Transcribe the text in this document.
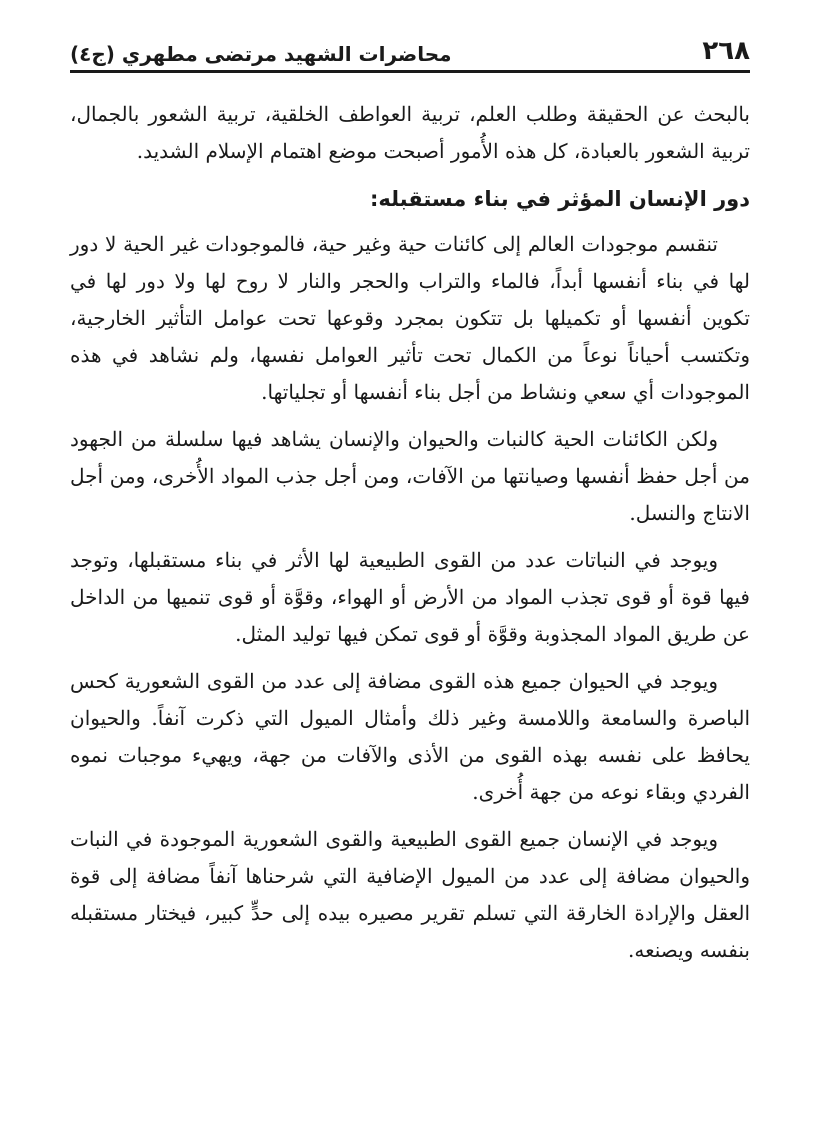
٢٦٨
محاضرات الشهيد مرتضى مطهري (ج٤)

بالبحث عن الحقيقة وطلب العلم، تربية العواطف الخلقية، تربية الشعور بالجمال، تربية الشعور بالعبادة، كل هذه الأُمور أصبحت موضع اهتمام الإسلام الشديد.

دور الإنسان المؤثر في بناء مستقبله:

تنقسم موجودات العالم إلى كائنات حية وغير حية، فالموجودات غير الحية لا دور لها في بناء أنفسها أبداً، فالماء والتراب والحجر والنار لا روح لها ولا دور لها في تكوين أنفسها أو تكميلها بل تتكون بمجرد وقوعها تحت عوامل التأثير الخارجية، وتكتسب أحياناً نوعاً من الكمال تحت تأثير العوامل نفسها، ولم نشاهد في هذه الموجودات أي سعي ونشاط من أجل بناء أنفسها أو تجلياتها.

ولكن الكائنات الحية كالنبات والحيوان والإنسان يشاهد فيها سلسلة من الجهود من أجل حفظ أنفسها وصيانتها من الآفات، ومن أجل جذب المواد الأُخرى، ومن أجل الانتاج والنسل.

ويوجد في النباتات عدد من القوى الطبيعية لها الأثر في بناء مستقبلها، وتوجد فيها قوة أو قوى تجذب المواد من الأرض أو الهواء، وقوَّة أو قوى تنميها من الداخل عن طريق المواد المجذوبة وقوَّة أو قوى تمكن فيها توليد المثل.

ويوجد في الحيوان جميع هذه القوى مضافة إلى عدد من القوى الشعورية كحس الباصرة والسامعة واللامسة وغير ذلك وأمثال الميول التي ذكرت آنفاً. والحيوان يحافظ على نفسه بهذه القوى من الأذى والآفات من جهة، ويهيء موجبات نموه الفردي وبقاء نوعه من جهة أُخرى.

ويوجد في الإنسان جميع القوى الطبيعية والقوى الشعورية الموجودة في النبات والحيوان مضافة إلى عدد من الميول الإضافية التي شرحناها آنفاً مضافة إلى قوة العقل والإرادة الخارقة التي تسلم تقرير مصيره بيده إلى حدٍّ كبير، فيختار مستقبله بنفسه ويصنعه.
